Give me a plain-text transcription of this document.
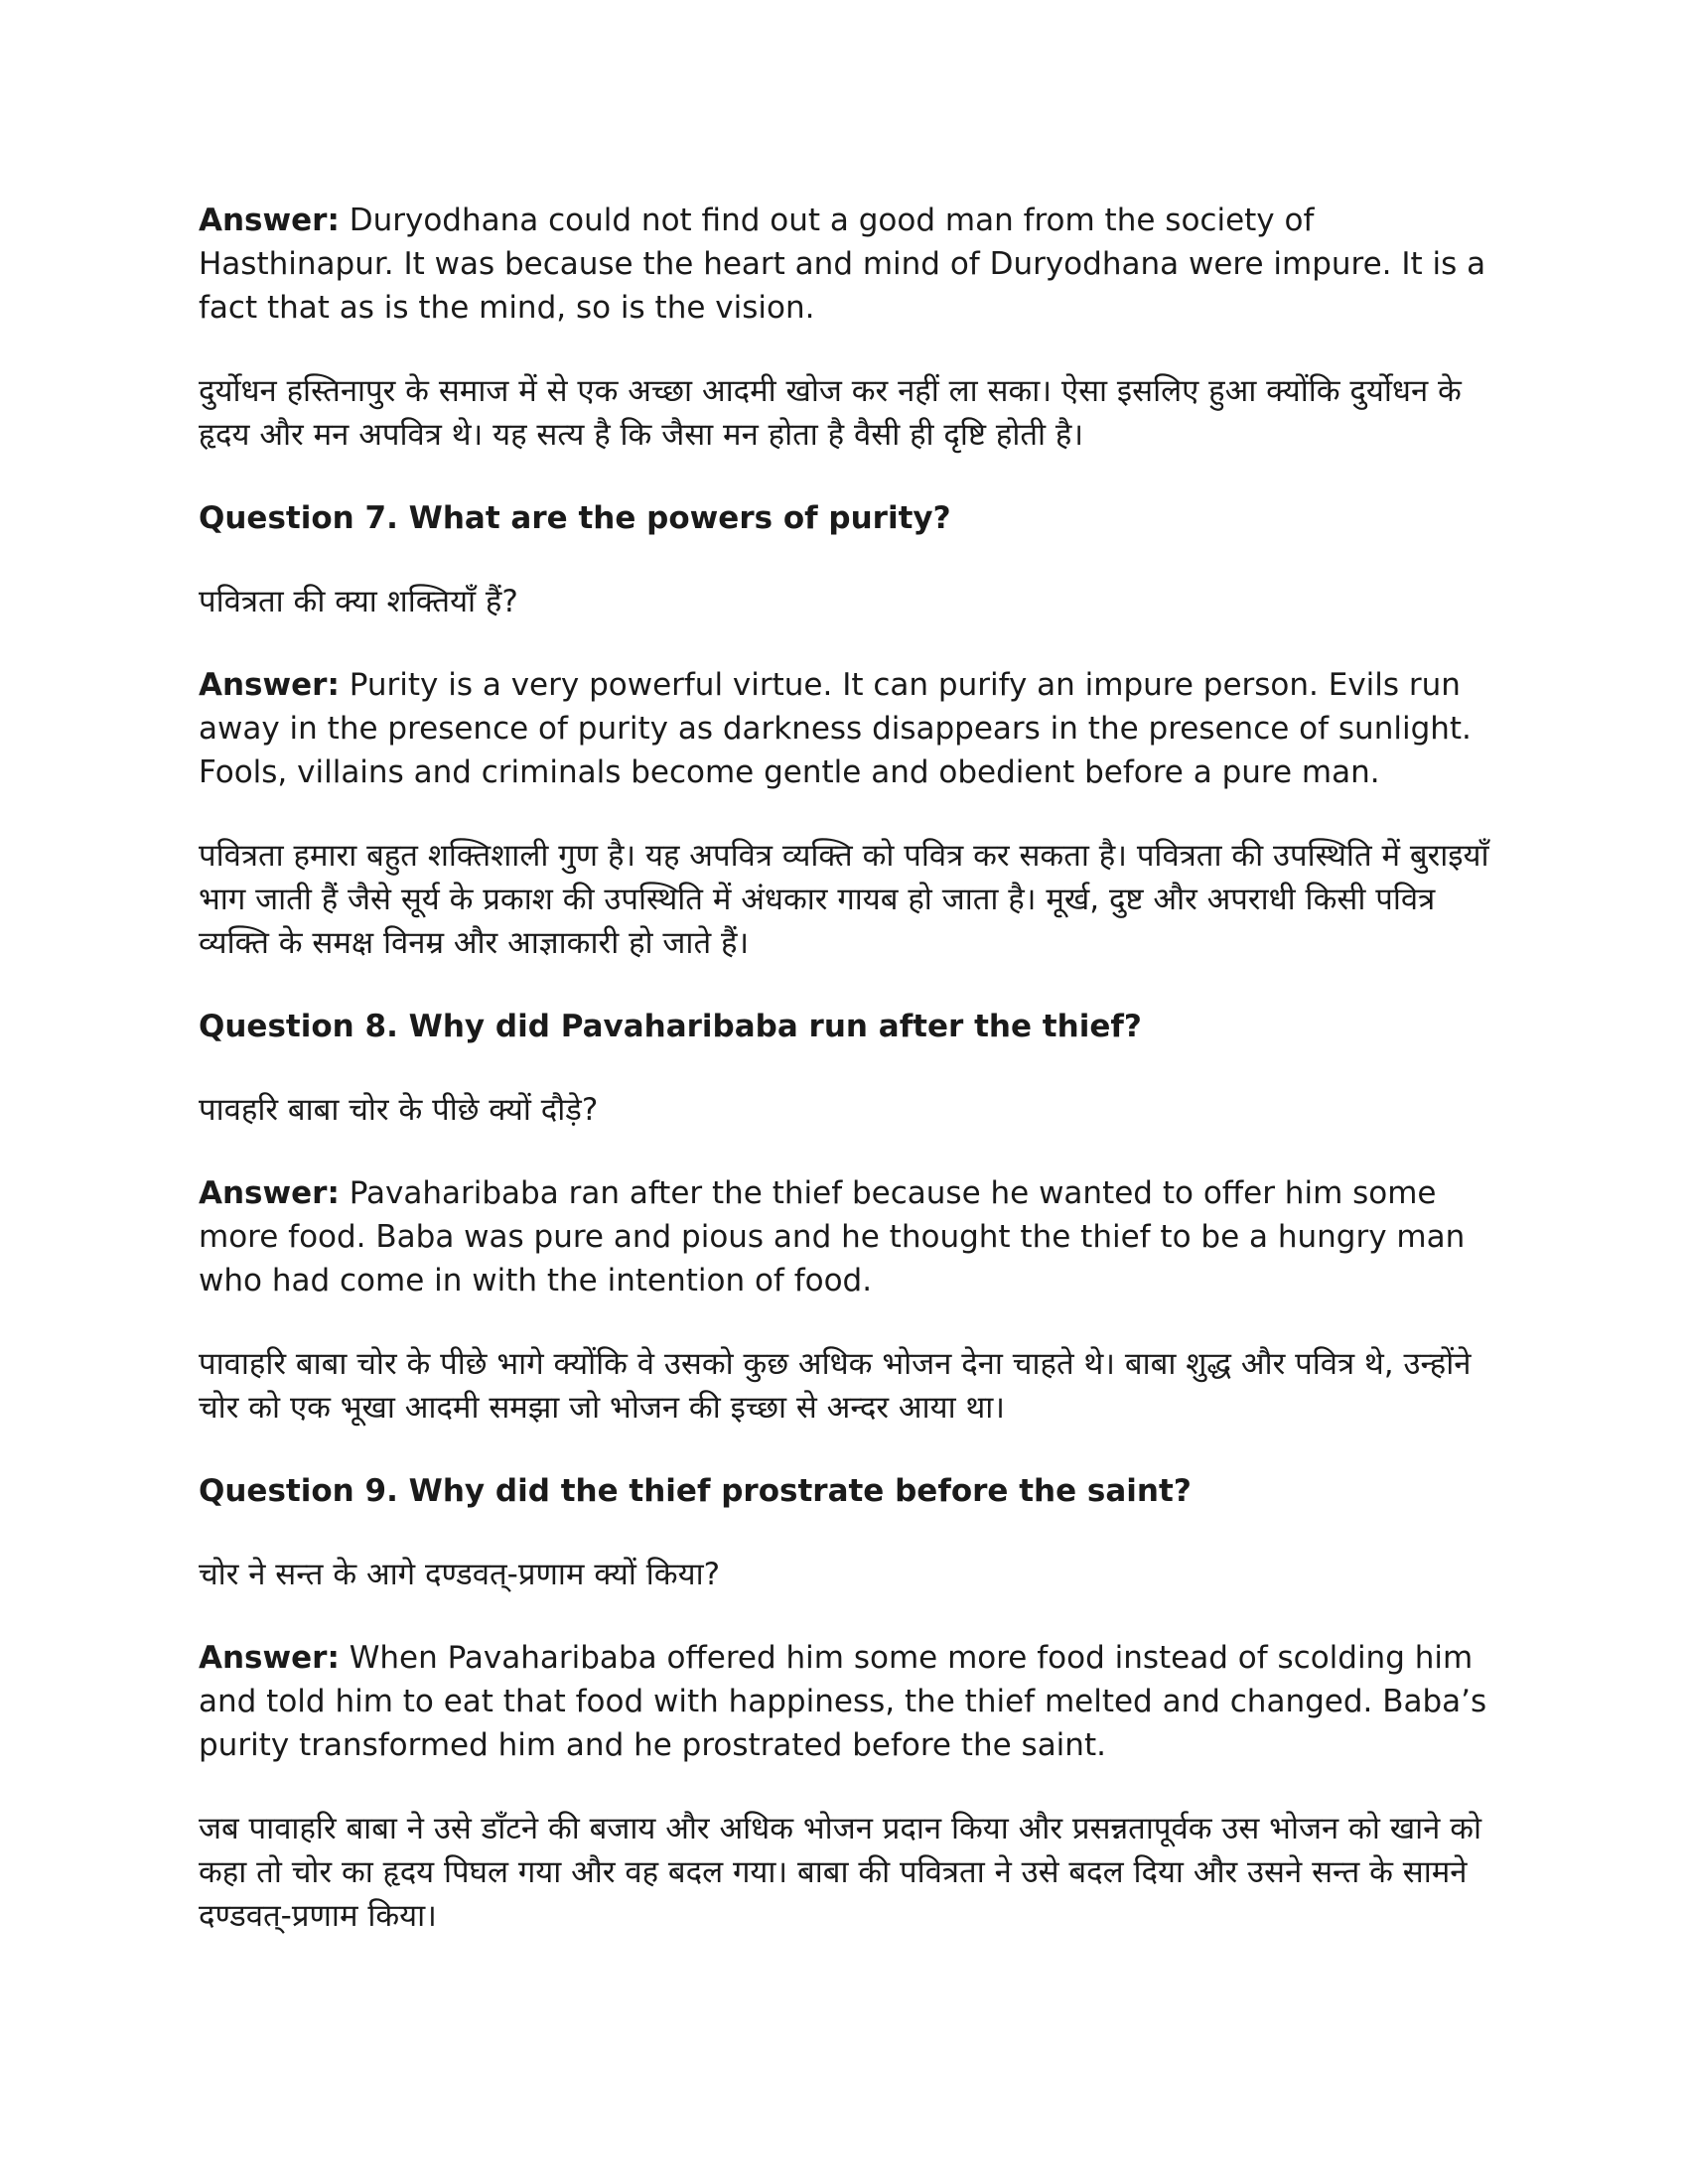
Answer: Duryodhana could not find out a good man from the society of Hasthinapur. It was because the heart and mind of Duryodhana were impure. It is a fact that as is the mind, so is the vision.

दुर्योधन हस्तिनापुर के समाज में से एक अच्छा आदमी खोज कर नहीं ला सका। ऐसा इसलिए हुआ क्योंकि दुर्योधन के हृदय और मन अपवित्र थे। यह सत्य है कि जैसा मन होता है वैसी ही दृष्टि होती है।

Question 7. What are the powers of purity?

पवित्रता की क्या शक्तियाँ हैं?

Answer: Purity is a very powerful virtue. It can purify an impure person. Evils run away in the presence of purity as darkness disappears in the presence of sunlight. Fools, villains and criminals become gentle and obedient before a pure man.

पवित्रता हमारा बहुत शक्तिशाली गुण है। यह अपवित्र व्यक्ति को पवित्र कर सकता है। पवित्रता की उपस्थिति में बुराइयाँ भाग जाती हैं जैसे सूर्य के प्रकाश की उपस्थिति में अंधकार गायब हो जाता है। मूर्ख, दुष्ट और अपराधी किसी पवित्र व्यक्ति के समक्ष विनम्र और आज्ञाकारी हो जाते हैं।

Question 8. Why did Pavaharibaba run after the thief?

पावहरि बाबा चोर के पीछे क्यों दौड़े?

Answer: Pavaharibaba ran after the thief because he wanted to offer him some more food. Baba was pure and pious and he thought the thief to be a hungry man who had come in with the intention of food.

पावाहरि बाबा चोर के पीछे भागे क्योंकि वे उसको कुछ अधिक भोजन देना चाहते थे। बाबा शुद्ध और पवित्र थे, उन्होंने चोर को एक भूखा आदमी समझा जो भोजन की इच्छा से अन्दर आया था।

Question 9. Why did the thief prostrate before the saint?

चोर ने सन्त के आगे दण्डवत्-प्रणाम क्यों किया?

Answer: When Pavaharibaba offered him some more food instead of scolding him and told him to eat that food with happiness, the thief melted and changed. Baba’s purity transformed him and he prostrated before the saint.

जब पावाहरि बाबा ने उसे डाँटने की बजाय और अधिक भोजन प्रदान किया और प्रसन्नतापूर्वक उस भोजन को खाने को कहा तो चोर का हृदय पिघल गया और वह बदल गया। बाबा की पवित्रता ने उसे बदल दिया और उसने सन्त के सामने दण्डवत्-प्रणाम किया।
